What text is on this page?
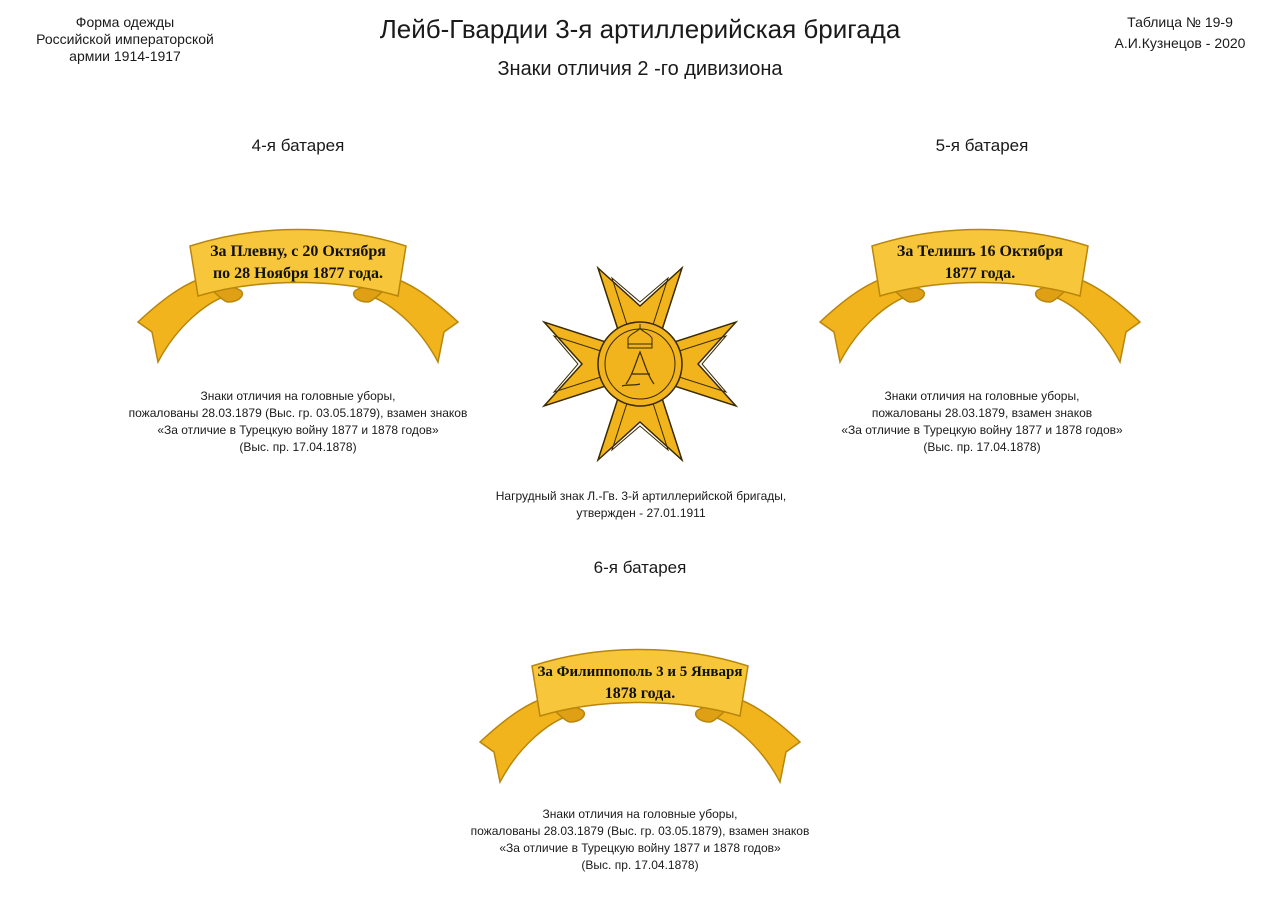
Форма одежды
Российской императорской
армии 1914-1917
Лейб-Гвардии 3-я артиллерийская бригада
Знаки отличия 2 -го дивизиона
Таблица № 19-9
А.И.Кузнецов - 2020
4-я батарея
За Плевну, с 20 Октября
по 28 Ноября 1877 года.
Знаки отличия на головные уборы,
пожалованы 28.03.1879 (Выс. гр. 03.05.1879), взамен знаков
«За отличие в Турецкую войну 1877 и 1878 годов»
(Выс. пр. 17.04.1878)
5-я батарея
За Телишъ 16 Октября
1877 года.
Знаки отличия на головные уборы,
пожалованы 28.03.1879, взамен знаков
«За отличие в Турецкую войну 1877 и 1878 годов»
(Выс. пр. 17.04.1878)
Нагрудный знак Л.-Гв. 3-й артиллерийской бригады,
утвержден - 27.01.1911
6-я батарея
За Филиппополь 3 и 5 Января
1878 года.
Знаки отличия на головные уборы,
пожалованы 28.03.1879 (Выс. гр. 03.05.1879), взамен знаков
«За отличие в Турецкую войну 1877 и 1878 годов»
(Выс. пр. 17.04.1878)
